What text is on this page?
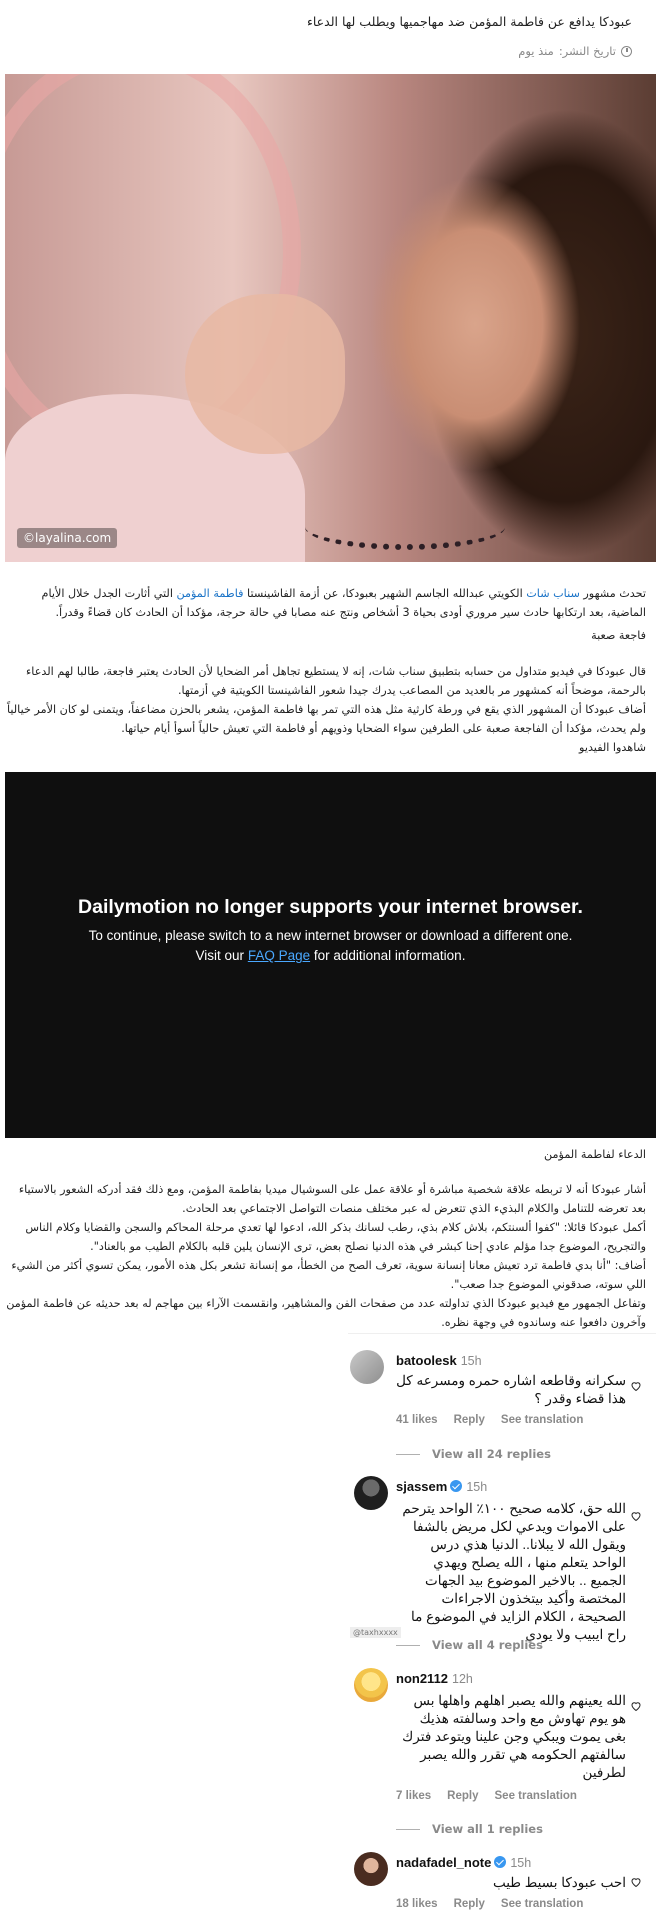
عبودكا يدافع عن فاطمة المؤمن ضد مهاجميها ويطلب لها الدعاء
تاريخ النشر:
منذ يوم
©layalina.com
تحدث مشهور سناب شات الكويتي عبدالله الجاسم الشهير بعبودكا، عن أزمة الفاشينستا فاطمة المؤمن التي أثارت الجدل خلال الأيام الماضية، بعد ارتكابها حادث سير مروري أودى بحياة 3 أشخاص ونتج عنه مصابا في حالة حرجة، مؤكدا أن الحادث كان قضاءً وقدراً.
فاجعة صعبة
قال عبودكا في فيديو متداول من حسابه بتطبيق سناب شات، إنه لا يستطيع تجاهل أمر الضحايا لأن الحادث يعتبر فاجعة، طالبا لهم الدعاء بالرحمة، موضحاً أنه كمشهور مر بالعديد من المصاعب يدرك جيدا شعور الفاشينستا الكويتية في أزمتها.
أضاف عبودكا أن المشهور الذي يقع في ورطة كارثية مثل هذه التي تمر بها فاطمة المؤمن، يشعر بالحزن مضاعفاً، ويتمنى لو كان الأمر خيالياً ولم يحدث، مؤكدا أن الفاجعة صعبة على الطرفين سواء الضحايا وذويهم أو فاطمة التي تعيش حالياً أسوأ أيام حياتها.
شاهدوا الفيديو
Dailymotion no longer supports your internet browser.

To continue, please switch to a new internet browser or download a different one.

Visit our FAQ Page for additional information.

الدعاء لفاطمة المؤمن
أشار عبودكا أنه لا تربطه علاقة شخصية مباشرة أو علاقة عمل على السوشيال ميديا بفاطمة المؤمن، ومع ذلك فقد أدركه الشعور بالاستياء بعد تعرضه للتنامل والكلام البذيء الذي تتعرض له عبر مختلف منصات التواصل الاجتماعي بعد الحادث.
أكمل عبودكا قائلا: "كفوا ألسنتكم، بلاش كلام بذي، رطب لسانك بذكر الله، ادعوا لها تعدي مرحلة المحاكم والسجن والقضايا وكلام الناس والتجريح، الموضوع جدا مؤلم عادي إحنا كبشر في هذه الدنيا نصلح بعض، ترى الإنسان يلين قلبه بالكلام الطيب مو بالعناد".
أضاف: "أنا بدي فاطمة ترد تعيش معانا إنسانة سوية، تعرف الصح من الخطأ، مو إنسانة تشعر بكل هذه الأمور، يمكن تسوي أكثر من الشيء اللي سوته، صدقوني الموضوع جدا صعب".
وتفاعل الجمهور مع فيديو عبودكا الذي تداولته عدد من صفحات الفن والمشاهير، وانقسمت الآراء بين مهاجم له بعد حديثه عن فاطمة المؤمن وآخرون دافعوا عنه وساندوه في وجهة نظره.
batoolesk 15h
سكرانه وقاطعه اشاره حمره ومسرعه كل هذا قضاء وقدر ؟
41 likes Reply See translation
View all 24 replies
sjassem 15h
الله حق، كلامه صحيح ١٠٠٪ الواحد يترحم على الاموات ويدعي لكل مريض بالشفا ويقول الله لا يبلانا.. الدنيا هذي درس الواحد يتعلم منها ، الله يصلح ويهدي الجميع .. بالاخير الموضوع بيد الجهات المختصة وأكيد بيتخذون الاجراءات الصحيحة ، الكلام الزايد في الموضوع ما راح ايبيب ولا يودي
@taxhxxxx
View all 4 replies
non2112 12h
الله يعينهم والله يصبر اهلهم واهلها بس هو يوم تهاوش مع واحد وسالفته هذيك بغى يموت ويبكي وجن علينا ويتوعد فترك سالفتهم الحكومه هي تقرر والله يصبر لطرفين
7 likes Reply See translation
View all 1 replies
nadafadel_note 15h
احب عبودكا بسيط طيب
18 likes Reply See translation
